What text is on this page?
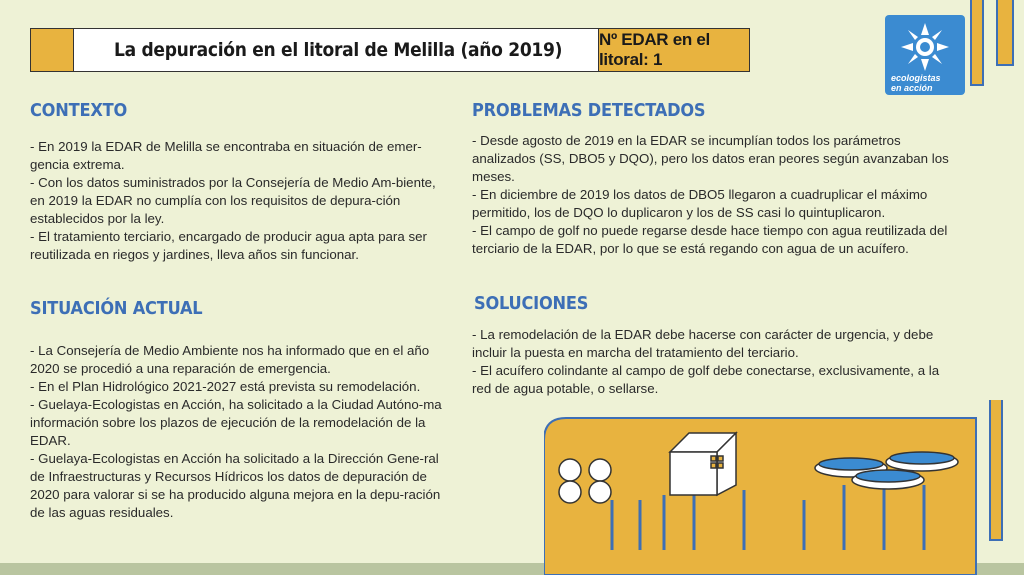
La depuración en el litoral de Melilla (año 2019)	Nº EDAR en el litoral: 1
ecologistas
en acción
CONTEXTO

- En 2019 la EDAR de Melilla se encontraba en situación de emer-gencia extrema.

- Con los datos suministrados por la Consejería de Medio Am-biente, en 2019 la EDAR no cumplía con los requisitos de depura-ción establecidos por la ley.

- El tratamiento terciario, encargado de producir agua apta para ser reutilizada en riegos y jardines, lleva años sin funcionar.

SITUACIÓN ACTUAL

- La Consejería de Medio Ambiente nos ha informado que en el año 2020 se procedió a una reparación de emergencia.

- En el Plan Hidrológico 2021-2027 está prevista su remodelación.

- Guelaya-Ecologistas en Acción, ha solicitado a la Ciudad Autóno-ma información sobre los plazos de ejecución de la remodelación de la EDAR.

- Guelaya-Ecologistas en Acción ha solicitado a la Dirección Gene-ral de Infraestructuras y Recursos Hídricos los datos de depuración de 2020 para valorar si se ha producido alguna mejora en la depu-ración de las aguas residuales.

PROBLEMAS DETECTADOS

- Desde agosto de 2019 en la EDAR se incumplían todos los parámetros analizados (SS, DBO5 y DQO), pero los datos eran peores según avanzaban los meses.

- En diciembre de 2019 los datos de DBO5 llegaron a cuadruplicar el máximo permitido, los de DQO lo duplicaron y los de SS casi lo quintuplicaron.

- El campo de golf no puede regarse desde hace tiempo con agua reutilizada del terciario de la EDAR, por lo que se está regando con agua de un acuífero.

SOLUCIONES

- La remodelación de la EDAR debe hacerse con carácter de urgencia, y debe incluir la puesta en marcha del tratamiento del terciario.

- El acuífero colindante al campo de golf debe conectarse, exclusivamente, a la red de agua potable, o sellarse.
